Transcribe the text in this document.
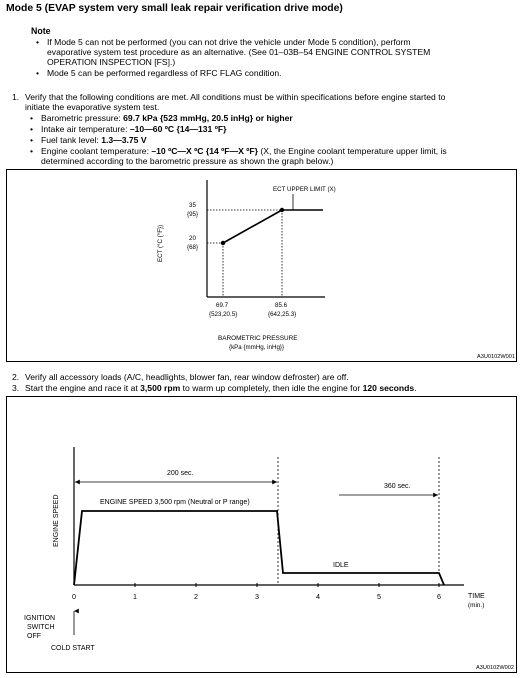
Mode 5 (EVAP system very small leak repair verification drive mode)
Note
• If Mode 5 can not be performed (you can not drive the vehicle under Mode 5 condition), perform
evaporative system test procedure as an alternative. (See 01–03B–54 ENGINE CONTROL SYSTEM
OPERATION INSPECTION [FS].)
• Mode 5 can be performed regardless of RFC FLAG condition.
1. Verify that the following conditions are met. All conditions must be within specifications before engine started to
initiate the evaporative system test.
• Barometric pressure: 69.7 kPa {523 mmHg, 20.5 inHg} or higher
• Intake air temperature: –10—60 ºC {14—131 ºF}
• Fuel tank level: 1.3—3.75 V
• Engine coolant temperature: –10 ºC—X ºC {14 ºF—X ºF} (X, the Engine coolant temperature upper limit, is
determined according to the barometric pressure as shown the graph below.)
ECT UPPER LIMIT (X)
35
{95}
20
{68}
ECT (°C {°F})
69.7
{523,20.5}
85.6
{642,25.3}
BAROMETRIC PRESSURE
{kPa {mmHg, inHg}}
A3U0102W001
2. Verify all accessory loads (A/C, headlights, blower fan, rear window defroster) are off.
3. Start the engine and race it at 3,500 rpm to warm up completely, then idle the engine for 120 seconds.
ENGINE SPEED
0	1	2	3	4	5	6	TIME
(min.)
200 sec.
360 sec.
ENGINE SPEED 3,500 rpm (Neutral or P range)
IDLE
IGNITION
SWITCH
OFF
COLD START
A3U0102W002
